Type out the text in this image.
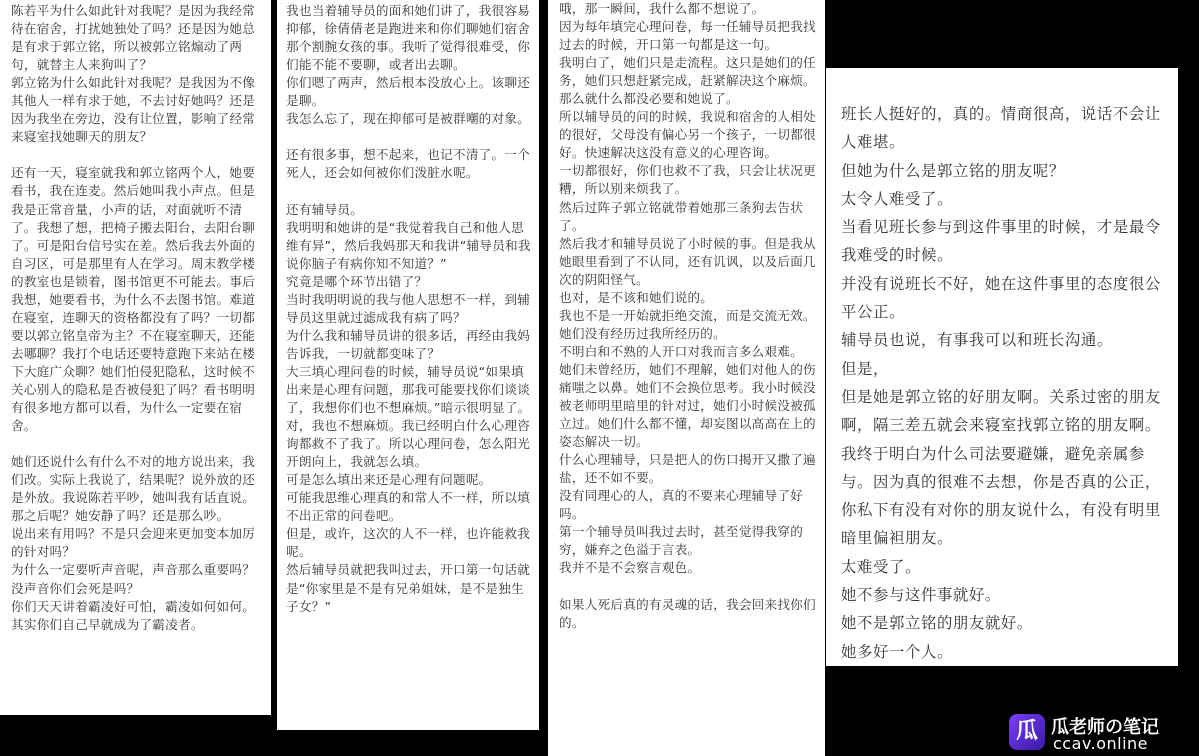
陈若平为什么如此针对我呢？是因为我经常待在宿舍，打扰她独处了吗？还是因为她总是有求于郭立铭，所以被郭立铭煽动了两句，就替主人来狗叫了？

郭立铭为什么如此针对我呢？是我因为不像其他人一样有求于她，不去讨好她吗？还是因为我坐在旁边，没有让位置，影响了经常来寝室找她聊天的朋友？

还有一天，寝室就我和郭立铭两个人，她要看书，我在连麦。然后她叫我小声点。但是我是正常音量，小声的话，对面就听不清了。我想了想，把椅子搬去阳台，去阳台聊了。可是阳台信号实在差。然后我去外面的自习区，可是那里有人在学习。周末教学楼的教室也是锁着，图书馆更不可能去。事后我想，她要看书，为什么不去图书馆。难道在寝室，连聊天的资格都没有了吗？一切都要以郭立铭皇帝为主？不在寝室聊天，还能去哪聊？我打个电话还要特意跑下来站在楼下大庭广众聊？她们怕侵犯隐私，这时候不关心别人的隐私是否被侵犯了吗？看书明明有很多地方都可以看，为什么一定要在宿舍。

她们还说什么有什么不对的地方说出来，我们改。实际上我说了，结果呢？说外放的还是外放。我说陈若平吵，她叫我有话直说。那之后呢？她安静了吗？还是那么吵。

说出来有用吗？不是只会迎来更加变本加厉的针对吗？

为什么一定要听声音呢，声音那么重要吗？没声音你们会死是吗？

你们天天讲着霸凌好可怕，霸凌如何如何。其实你们自己早就成为了霸凌者。

我也当着辅导员的面和她们讲了，我很容易抑郁，徐倩倩老是跑进来和你们聊她们宿舍那个割腕女孩的事。我听了觉得很难受，你们能不能不要聊，或者出去聊。

你们嗯了两声，然后根本没放心上。该聊还是聊。

我怎么忘了，现在抑郁可是被群嘲的对象。

还有很多事，想不起来，也记不清了。一个死人，还会如何被你们泼脏水呢。

还有辅导员。

我明明和她讲的是“我觉着我自己和他人思维有异”，然后我妈那天和我讲“辅导员和我说你脑子有病你知不知道？”

究竟是哪个环节出错了？

当时我明明说的我与他人思想不一样，到辅导员这里就过滤成我有病了吗？

为什么我和辅导员讲的很多话，再经由我妈告诉我，一切就都变味了？

大三填心理问卷的时候，辅导员说“如果填出来是心理有问题，那我可能要找你们谈谈了，我想你们也不想麻烦。”暗示很明显了。

对，我也不想麻烦。我已经明白什么心理咨询都救不了我了。所以心理问卷，怎么阳光开朗向上，我就怎么填。

可是怎么填出来还是心理有问题呢。

可能我思维心理真的和常人不一样，所以填不出正常的问卷吧。

但是，或许，这次的人不一样，也许能救我呢。

然后辅导员就把我叫过去，开口第一句话就是“你家里是不是有兄弟姐妹，是不是独生子女？”

哦，那一瞬间，我什么都不想说了。

因为每年填完心理问卷，每一任辅导员把我找过去的时候，开口第一句都是这一句。

我明白了，她们只是走流程。这只是她们的任务，她们只想赶紧完成，赶紧解决这个麻烦。那么就什么都没必要和她说了。

所以辅导员的问的时候，我说和宿舍的人相处的很好，父母没有偏心另一个孩子，一切都很好。快速解决这没有意义的心理咨询。

一切都很好，你们也救不了我，只会让状况更糟，所以别来烦我了。

然后过阵子郭立铭就带着她那三条狗去告状了。

然后我才和辅导员说了小时候的事。但是我从她眼里看到了不认同，还有讥讽，以及后面几次的阴阳怪气。

也对，是不该和她们说的。

我也不是一开始就拒绝交流，而是交流无效。

她们没有经历过我所经历的。

不明白和不熟的人开口对我而言多么艰难。

她们未曾经历，她们不理解，她们对他人的伤痛嗤之以鼻。她们不会换位思考。我小时候没被老师明里暗里的针对过，她们小时候没被孤立过。她们什么都不懂，却妄图以高高在上的姿态解决一切。

什么心理辅导，只是把人的伤口揭开又撒了遍盐，还不如不要。

没有同理心的人，真的不要来心理辅导了好吗。

第一个辅导员叫我过去时，甚至觉得我穿的穷，嫌弃之色溢于言表。

我并不是不会察言观色。

如果人死后真的有灵魂的话，我会回来找你们的。

班长人挺好的，真的。情商很高，说话不会让人难堪。

但她为什么是郭立铭的朋友呢？

太令人难受了。

当看见班长参与到这件事里的时候，才是最令我难受的时候。

并没有说班长不好，她在这件事里的态度很公平公正。

辅导员也说，有事我可以和班长沟通。

但是，

但是她是郭立铭的好朋友啊。关系过密的朋友啊，隔三差五就会来寝室找郭立铭的朋友啊。

我终于明白为什么司法要避嫌，避免亲属参与。因为真的很难不去想，你是否真的公正，你私下有没有对你的朋友说什么，有没有明里暗里偏袒朋友。

太难受了。

她不参与这件事就好。

她不是郭立铭的朋友就好。

她多好一个人。

瓜 瓜老师の笔记
ccav.online
